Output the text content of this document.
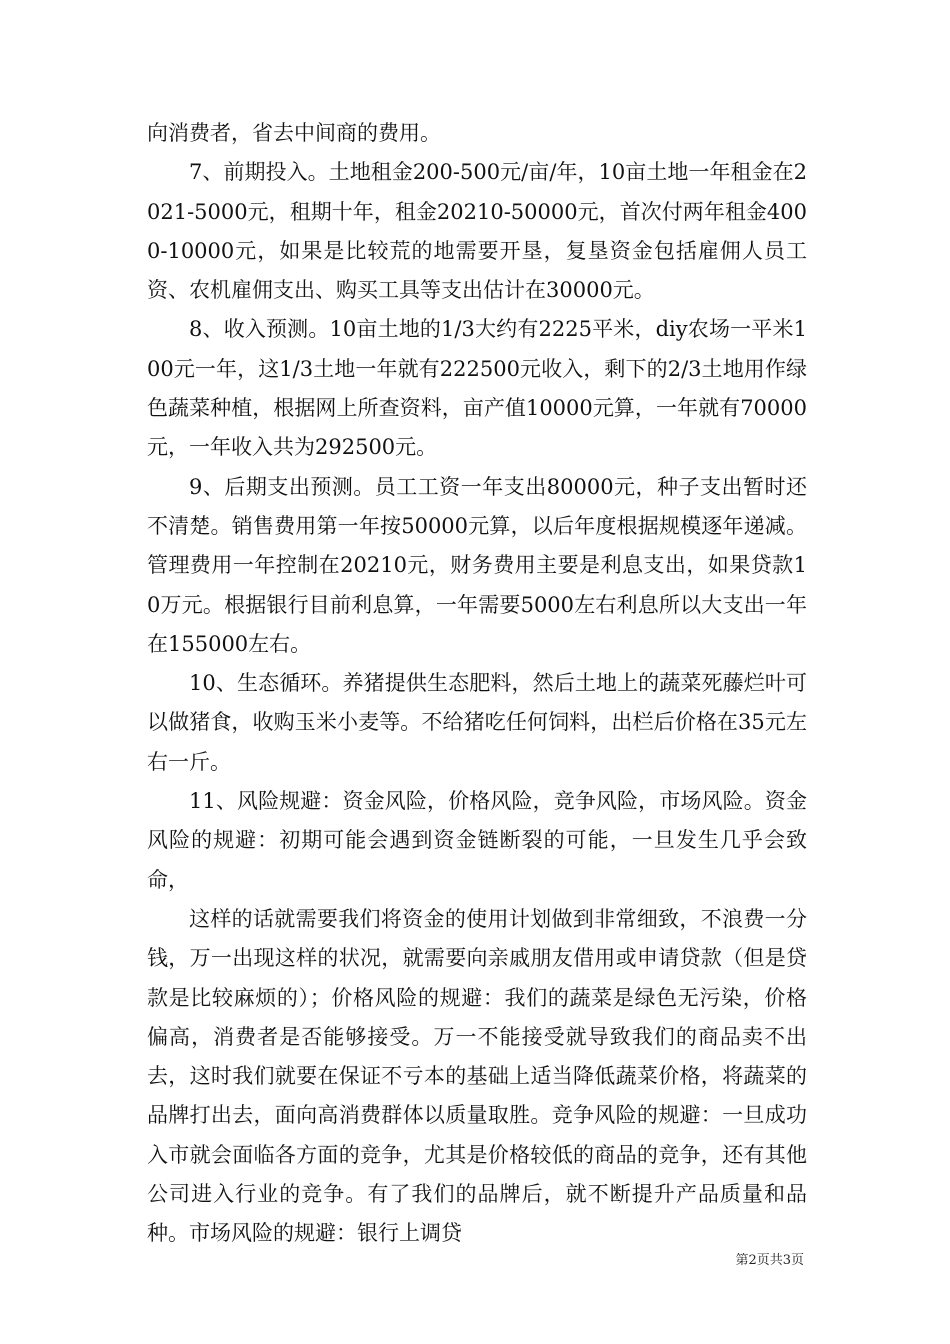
向消费者，省去中间商的费用。

7、前期投入。土地租金200-500元/亩/年，10亩土地一年租金在2021-5000元，租期十年，租金20210-50000元，首次付两年租金4000-10000元，如果是比较荒的地需要开垦，复垦资金包括雇佣人员工资、农机雇佣支出、购买工具等支出估计在30000元。

8、收入预测。10亩土地的1/3大约有2225平米，diy农场一平米100元一年，这1/3土地一年就有222500元收入，剩下的2/3土地用作绿色蔬菜种植，根据网上所查资料，亩产值10000元算，一年就有70000元，一年收入共为292500元。

9、后期支出预测。员工工资一年支出80000元，种子支出暂时还不清楚。销售费用第一年按50000元算，以后年度根据规模逐年递减。管理费用一年控制在20210元，财务费用主要是利息支出，如果贷款10万元。根据银行目前利息算，一年需要5000左右利息所以大支出一年在155000左右。

10、生态循环。养猪提供生态肥料，然后土地上的蔬菜死藤烂叶可以做猪食，收购玉米小麦等。不给猪吃任何饲料，出栏后价格在35元左右一斤。

11、风险规避：资金风险，价格风险，竞争风险，市场风险。资金风险的规避：初期可能会遇到资金链断裂的可能，一旦发生几乎会致命，

这样的话就需要我们将资金的使用计划做到非常细致，不浪费一分钱，万一出现这样的状况，就需要向亲戚朋友借用或申请贷款（但是贷款是比较麻烦的）；价格风险的规避：我们的蔬菜是绿色无污染，价格偏高，消费者是否能够接受。万一不能接受就导致我们的商品卖不出去，这时我们就要在保证不亏本的基础上适当降低蔬菜价格，将蔬菜的品牌打出去，面向高消费群体以质量取胜。竞争风险的规避：一旦成功入市就会面临各方面的竞争，尤其是价格较低的商品的竞争，还有其他公司进入行业的竞争。有了我们的品牌后，就不断提升产品质量和品种。市场风险的规避：银行上调贷

第2页共3页
